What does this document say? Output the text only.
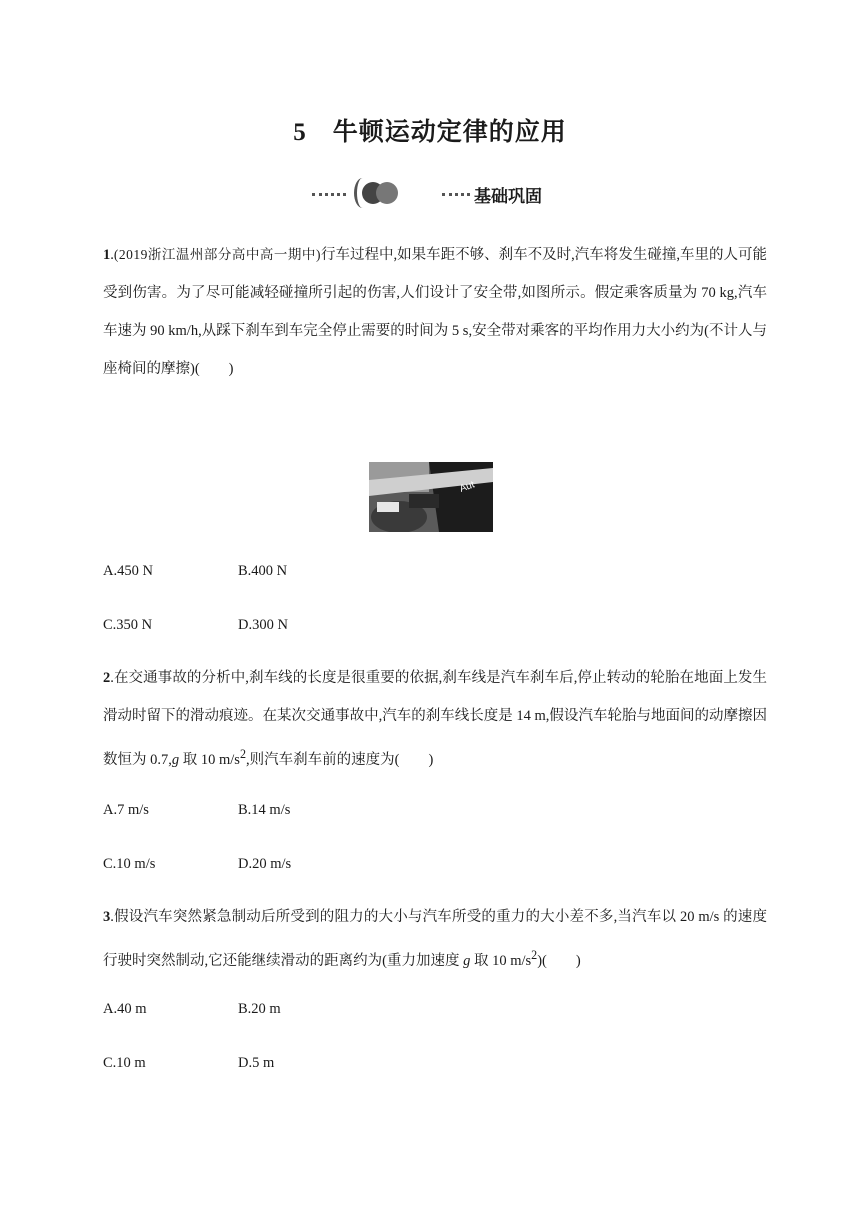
5 牛顿运动定律的应用
基础巩固
1.(2019浙江温州部分高中高一期中)行车过程中,如果车距不够、刹车不及时,汽车将发生碰撞,车里的人可能受到伤害。为了尽可能减轻碰撞所引起的伤害,人们设计了安全带,如图所示。假定乘客质量为 70 kg,汽车车速为 90 km/h,从踩下刹车到车完全停止需要的时间为 5 s,安全带对乘客的平均作用力大小约为(不计人与座椅间的摩擦)(　　)
Aut
A.450 N	B.400 N
C.350 N	D.300 N
2.在交通事故的分析中,刹车线的长度是很重要的依据,刹车线是汽车刹车后,停止转动的轮胎在地面上发生滑动时留下的滑动痕迹。在某次交通事故中,汽车的刹车线长度是 14 m,假设汽车轮胎与地面间的动摩擦因数恒为 0.7,g 取 10 $m/s^2$,则汽车刹车前的速度为(　　)
A.7 m/s	B.14 m/s
C.10 m/s	D.20 m/s
3.假设汽车突然紧急制动后所受到的阻力的大小与汽车所受的重力的大小差不多,当汽车以 20 m/s 的速度行驶时突然制动,它还能继续滑动的距离约为(重力加速度 g 取 10 $m/s^2$)(　　)
A.40 m	B.20 m
C.10 m	D.5 m
